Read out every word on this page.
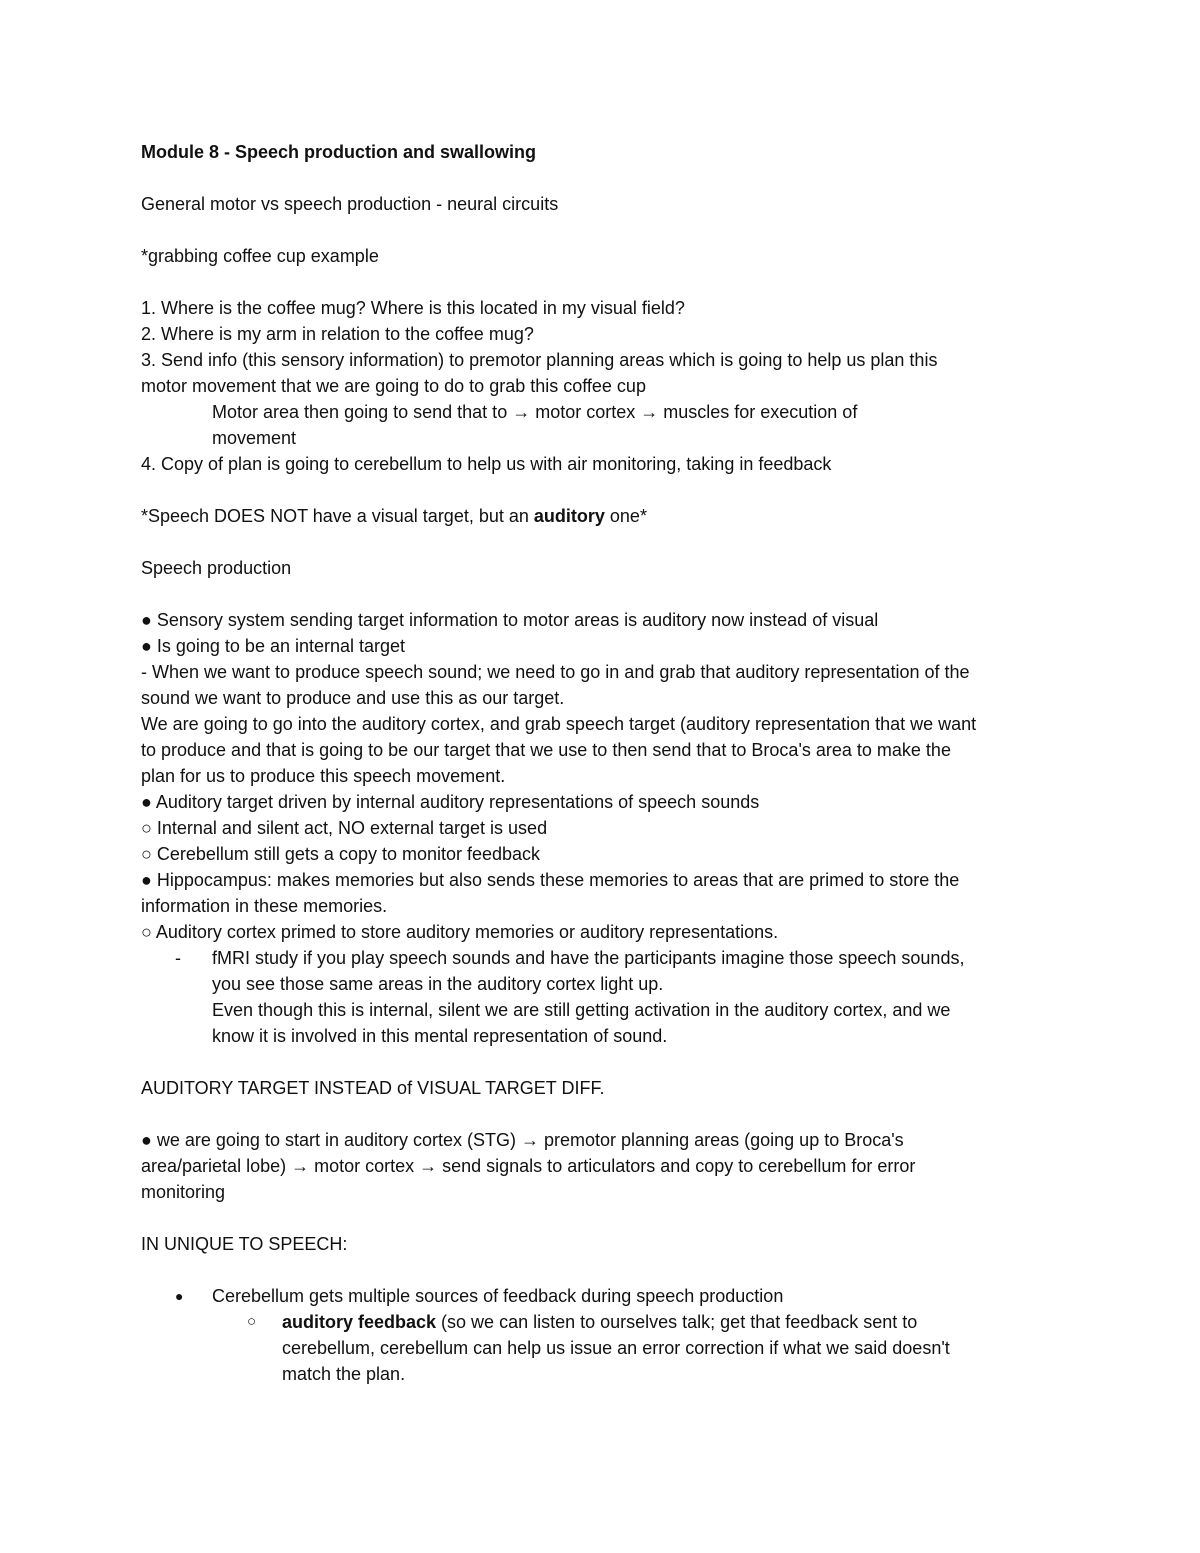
Module 8 - Speech production and swallowing
General motor vs speech production - neural circuits
*grabbing coffee cup example
1. Where is the coffee mug? Where is this located in my visual field?
2. Where is my arm in relation to the coffee mug?
3. Send info (this sensory information) to premotor planning areas which is going to help us plan this
motor movement that we are going to do to grab this coffee cup
Motor area then going to send that to → motor cortex → muscles for execution of
movement
4. Copy of plan is going to cerebellum to help us with air monitoring, taking in feedback
*Speech DOES NOT have a visual target, but an auditory one*
Speech production
● Sensory system sending target information to motor areas is auditory now instead of visual
● Is going to be an internal target
- When we want to produce speech sound; we need to go in and grab that auditory representation of the
sound we want to produce and use this as our target.
We are going to go into the auditory cortex, and grab speech target (auditory representation that we want
to produce and that is going to be our target that we use to then send that to Broca's area to make the
plan for us to produce this speech movement.
● Auditory target driven by internal auditory representations of speech sounds
○ Internal and silent act, NO external target is used
○ Cerebellum still gets a copy to monitor feedback
● Hippocampus: makes memories but also sends these memories to areas that are primed to store the
information in these memories.
○ Auditory cortex primed to store auditory memories or auditory representations.
- fMRI study if you play speech sounds and have the participants imagine those speech sounds,
you see those same areas in the auditory cortex light up.
Even though this is internal, silent we are still getting activation in the auditory cortex, and we
know it is involved in this mental representation of sound.
AUDITORY TARGET INSTEAD of VISUAL TARGET DIFF.
● we are going to start in auditory cortex (STG) → premotor planning areas (going up to Broca's
area/parietal lobe) → motor cortex → send signals to articulators and copy to cerebellum for error
monitoring
IN UNIQUE TO SPEECH:
● Cerebellum gets multiple sources of feedback during speech production
○ auditory feedback (so we can listen to ourselves talk; get that feedback sent to
cerebellum, cerebellum can help us issue an error correction if what we said doesn't
match the plan.
